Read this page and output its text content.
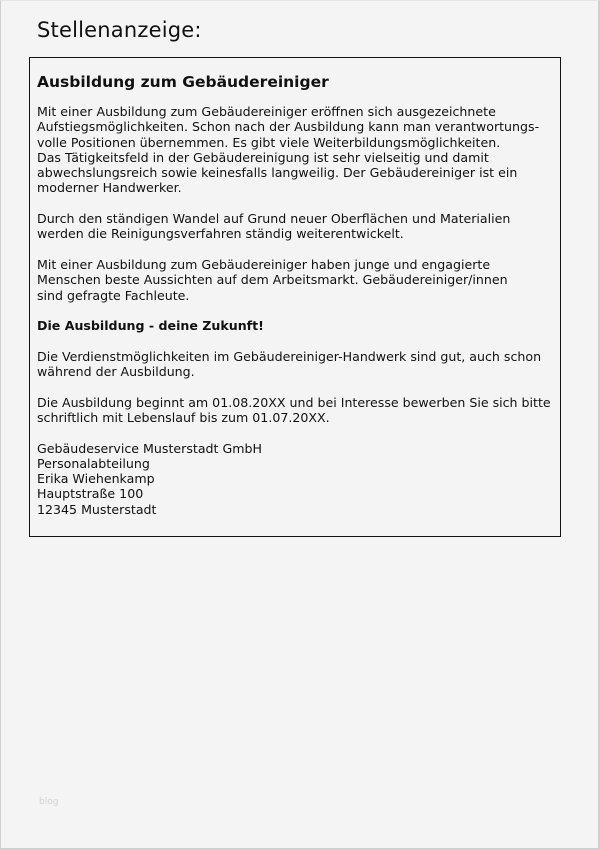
Stellenanzeige:
Ausbildung zum Gebäudereiniger

Mit einer Ausbildung zum Gebäudereiniger eröffnen sich ausgezeichnete
Aufstiegsmöglichkeiten. Schon nach der Ausbildung kann man verantwortungs-
volle Positionen übernemmen. Es gibt viele Weiterbildungsmöglichkeiten.
Das Tätigkeitsfeld in der Gebäudereinigung ist sehr vielseitig und damit
abwechslungsreich sowie keinesfalls langweilig. Der Gebäudereiniger ist ein
moderner Handwerker.

Durch den ständigen Wandel auf Grund neuer Oberflächen und Materialien
werden die Reinigungsverfahren ständig weiterentwickelt.

Mit einer Ausbildung zum Gebäudereiniger haben junge und engagierte
Menschen beste Aussichten auf dem Arbeitsmarkt. Gebäudereiniger/innen
sind gefragte Fachleute.

Die Ausbildung - deine Zukunft!

Die Verdienstmöglichkeiten im Gebäudereiniger-Handwerk sind gut, auch schon
während der Ausbildung.

Die Ausbildung beginnt am 01.08.20XX und bei Interesse bewerben Sie sich bitte
schriftlich mit Lebenslauf bis zum 01.07.20XX.

Gebäudeservice Musterstadt GmbH
Personalabteilung
Erika Wiehenkamp
Hauptstraße 100
12345 Musterstadt
blog
